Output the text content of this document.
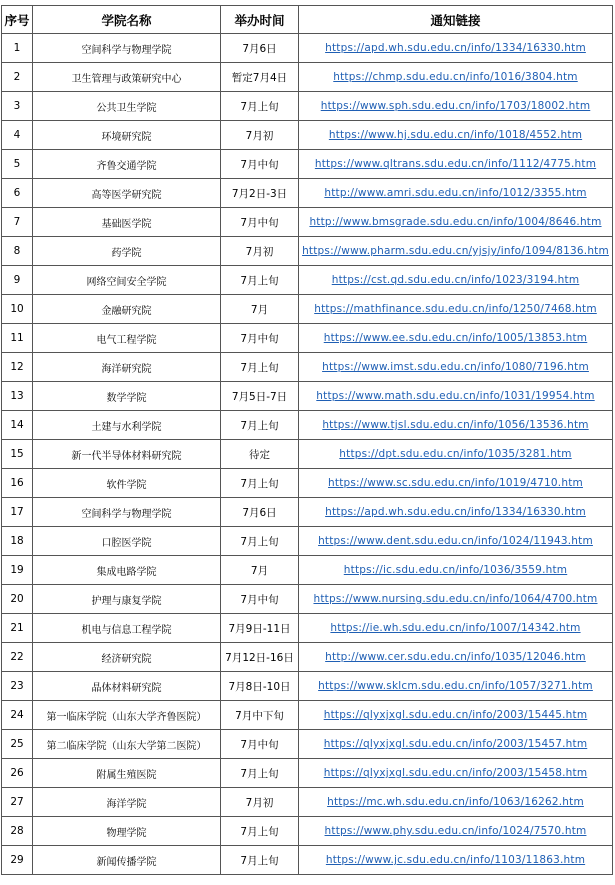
序号	学院名称	举办时间	通知链接
1	空间科学与物理学院	7月6日	https://apd.wh.sdu.edu.cn/info/1334/16330.htm
2	卫生管理与政策研究中心	暂定7月4日	https://chmp.sdu.edu.cn/info/1016/3804.htm
3	公共卫生学院	7月上旬	https://www.sph.sdu.edu.cn/info/1703/18002.htm
4	环境研究院	7月初	https://www.hj.sdu.edu.cn/info/1018/4552.htm
5	齐鲁交通学院	7月中旬	https://www.qltrans.sdu.edu.cn/info/1112/4775.htm
6	高等医学研究院	7月2日-3日	http://www.amri.sdu.edu.cn/info/1012/3355.htm
7	基础医学院	7月中旬	http://www.bmsgrade.sdu.edu.cn/info/1004/8646.htm
8	药学院	7月初	https://www.pharm.sdu.edu.cn/yjsjy/info/1094/8136.htm
9	网络空间安全学院	7月上旬	https://cst.qd.sdu.edu.cn/info/1023/3194.htm
10	金融研究院	7月	https://mathfinance.sdu.edu.cn/info/1250/7468.htm
11	电气工程学院	7月中旬	https://www.ee.sdu.edu.cn/info/1005/13853.htm
12	海洋研究院	7月上旬	https://www.imst.sdu.edu.cn/info/1080/7196.htm
13	数学学院	7月5日-7日	https://www.math.sdu.edu.cn/info/1031/19954.htm
14	土建与水利学院	7月上旬	https://www.tjsl.sdu.edu.cn/info/1056/13536.htm
15	新一代半导体材料研究院	待定	https://dpt.sdu.edu.cn/info/1035/3281.htm
16	软件学院	7月上旬	https://www.sc.sdu.edu.cn/info/1019/4710.htm
17	空间科学与物理学院	7月6日	https://apd.wh.sdu.edu.cn/info/1334/16330.htm
18	口腔医学院	7月上旬	https://www.dent.sdu.edu.cn/info/1024/11943.htm
19	集成电路学院	7月	https://ic.sdu.edu.cn/info/1036/3559.htm
20	护理与康复学院	7月中旬	https://www.nursing.sdu.edu.cn/info/1064/4700.htm
21	机电与信息工程学院	7月9日-11日	https://ie.wh.sdu.edu.cn/info/1007/14342.htm
22	经济研究院	7月12日-16日	http://www.cer.sdu.edu.cn/info/1035/12046.htm
23	晶体材料研究院	7月8日-10日	https://www.sklcm.sdu.edu.cn/info/1057/3271.htm
24	第一临床学院（山东大学齐鲁医院）	7月中下旬	https://qlyxjxgl.sdu.edu.cn/info/2003/15445.htm
25	第二临床学院（山东大学第二医院）	7月中旬	https://qlyxjxgl.sdu.edu.cn/info/2003/15457.htm
26	附属生殖医院	7月上旬	https://qlyxjxgl.sdu.edu.cn/info/2003/15458.htm
27	海洋学院	7月初	https://mc.wh.sdu.edu.cn/info/1063/16262.htm
28	物理学院	7月上旬	https://www.phy.sdu.edu.cn/info/1024/7570.htm
29	新闻传播学院	7月上旬	https://www.jc.sdu.edu.cn/info/1103/11863.htm
